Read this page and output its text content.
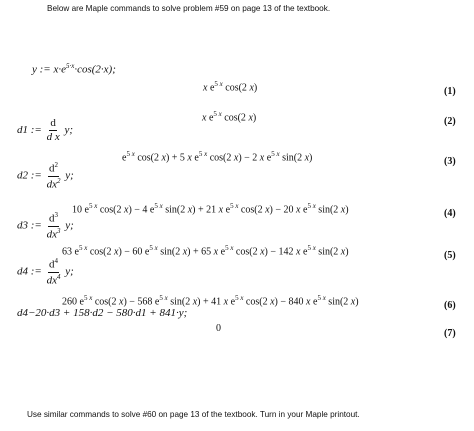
Below are Maple commands to solve problem #59 on page 13 of the textbook.
y := $x\cdot e^{5\cdot x}\cdot\cos(2\cdot x)$;
x $e^{5 x}$ cos(2 x)	(1)
x $e^{5 x}$ cos(2 x)	(2)
d1 := $\frac{d}{\text{d x}} y$;
$e^{5 x}$ cos(2 x) + 5 x $e^{5 x}$ cos(2 x) − 2 x $e^{5 x}$ sin(2 x)	(3)
d2 := $\frac{d^2}{dx^2} y$;
10 $e^{5 x}$ cos(2 x) − 4 $e^{5 x}$ sin(2 x) + 21 x $e^{5 x}$ cos(2 x) − 20 x $e^{5 x}$ sin(2 x)	(4)
d3 := $\frac{d^3}{dx^3} y$;
63 $e^{5 x}$ cos(2 x) − 60 $e^{5 x}$ sin(2 x) + 65 x $e^{5 x}$ cos(2 x) − 142 x $e^{5 x}$ sin(2 x)	(5)
d4 := $\frac{d^4}{dx^4} y$;
260 $e^{5 x}$ cos(2 x) − 568 $e^{5 x}$ sin(2 x) + 41 x $e^{5 x}$ cos(2 x) − 840 x $e^{5 x}$ sin(2 x)	(6)
d4−20·d3 + 158·d2 − 580·d1 + 841·y;
0	(7)
Use similar commands to solve #60 on page 13 of the textbook. Turn in your Maple printout.
